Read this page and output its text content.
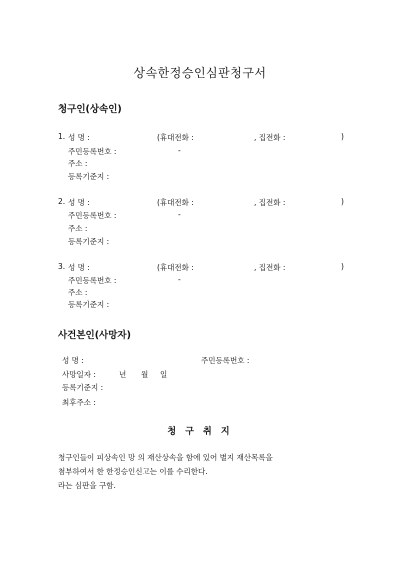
상속한정승인심판청구서
청구인(상속인)
1. 성 명 :	(휴대전화 :	, 집전화 :	)
주민등록번호 :	-
주소 :
등록기준지 :
2. 성 명 :	(휴대전화 :	, 집전화 :	)
주민등록번호 :	-
주소 :
등록기준지 :
3. 성 명 :	(휴대전화 :	, 집전화 :	)
주민등록번호 :	-
주소 :
등록기준지 :
사건본인(사망자)
성 명 :	주민등록번호 :
사망일자 :	년 월 일
등록기준지 :
최후주소 :
청 구 취 지
청구인들이 피상속인 망 의 재산상속을 함에 있어 별지 재산목록을
첨부하여서 한 한정승인신고는 이를 수리한다.
라는 심판을 구함.
